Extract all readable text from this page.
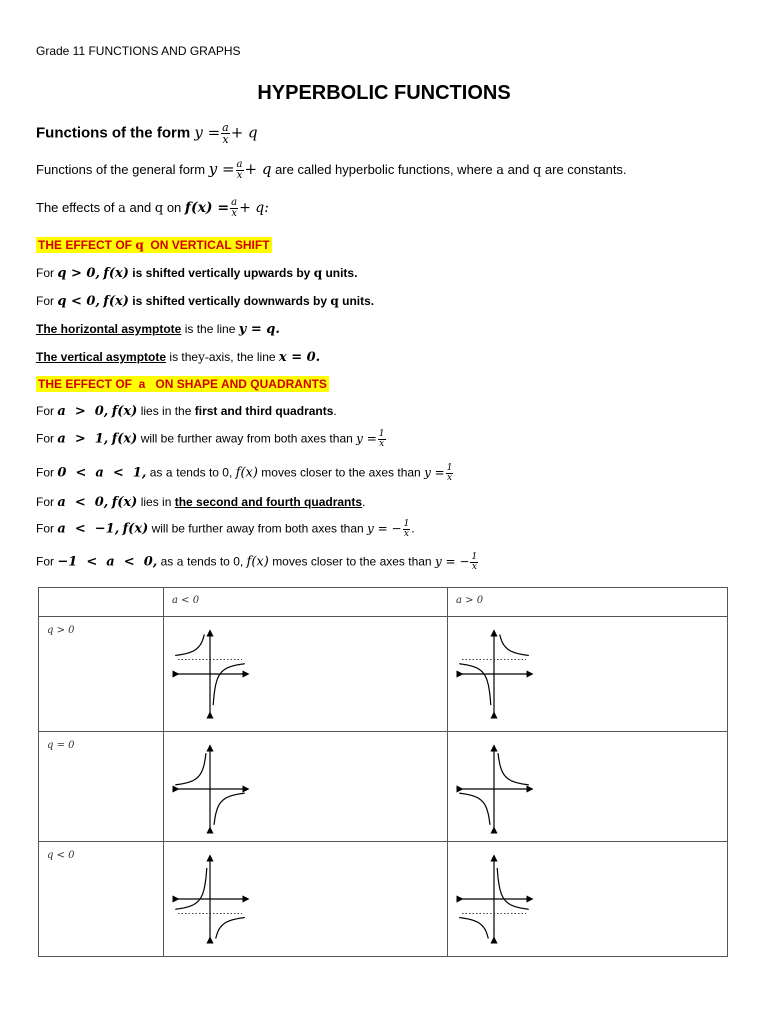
Grade 11 FUNCTIONS AND GRAPHS
HYPERBOLIC FUNCTIONS
Functions of the form $y = \frac{a}{x} + q$
Functions of the general form $y = \frac{a}{x} + q$ are called hyperbolic functions, where a and q are constants.
The effects of a and q on $f(x) = \frac{a}{x} + q$:
THE EFFECT OF q ON VERTICAL SHIFT
For q > 0, f(x) is shifted vertically upwards by q units.
For q < 0, f(x) is shifted vertically downwards by q units.
The horizontal asymptote is the line y = q.
The vertical asymptote is they-axis, the line x = 0.
THE EFFECT OF a ON SHAPE AND QUADRANTS
For a  >  0, f(x) lies in the first and third quadrants.
For a  >  1, f(x) will be further away from both axes than $y = \frac{1}{x}$
For 0  <  a  <  1, as a tends to 0, f(x) moves closer to the axes than $y = \frac{1}{x}$
For a  <  0, f(x) lies in the second and fourth quadrants.
For a  <  −1, f(x) will be further away from both axes than y = − $\frac{1}{x}$ .
For −1  <  a  <  0, as a tends to 0, f(x) moves closer to the axes than y = − $\frac{1}{x}$

	a < 0	a > 0

q > 0

q = 0

q < 0
